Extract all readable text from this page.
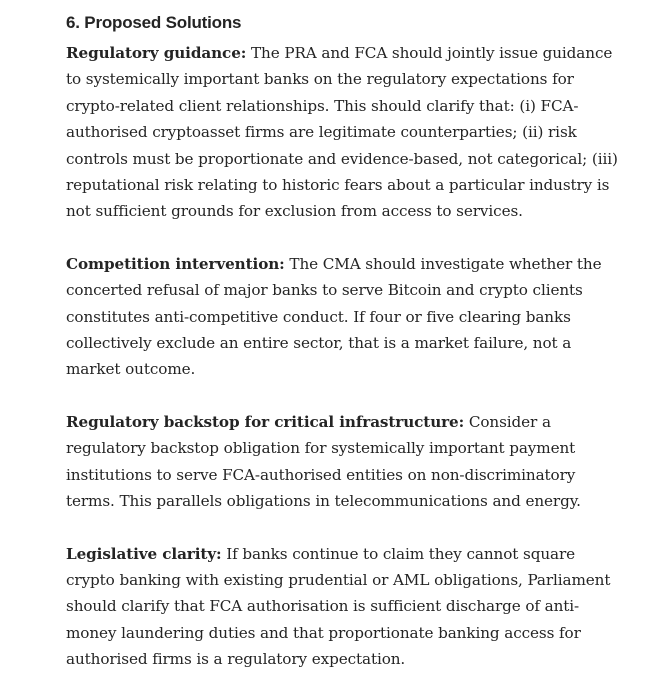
6. Proposed Solutions

Regulatory guidance: The PRA and FCA should jointly issue guidance to systemically important banks on the regulatory expectations for crypto-related client relationships. This should clarify that: (i) FCA-authorised cryptoasset firms are legitimate counterparties; (ii) risk controls must be proportionate and evidence-based, not categorical; (iii) reputational risk relating to historic fears about a particular industry is not sufficient grounds for exclusion from access to services.

Competition intervention: The CMA should investigate whether the concerted refusal of major banks to serve Bitcoin and crypto clients constitutes anti-competitive conduct. If four or five clearing banks collectively exclude an entire sector, that is a market failure, not a market outcome.

Regulatory backstop for critical infrastructure: Consider a regulatory backstop obligation for systemically important payment institutions to serve FCA-authorised entities on non-discriminatory terms. This parallels obligations in telecommunications and energy.

Legislative clarity: If banks continue to claim they cannot square crypto banking with existing prudential or AML obligations, Parliament should clarify that FCA authorisation is sufficient discharge of anti-money laundering duties and that proportionate banking access for authorised firms is a regulatory expectation.
